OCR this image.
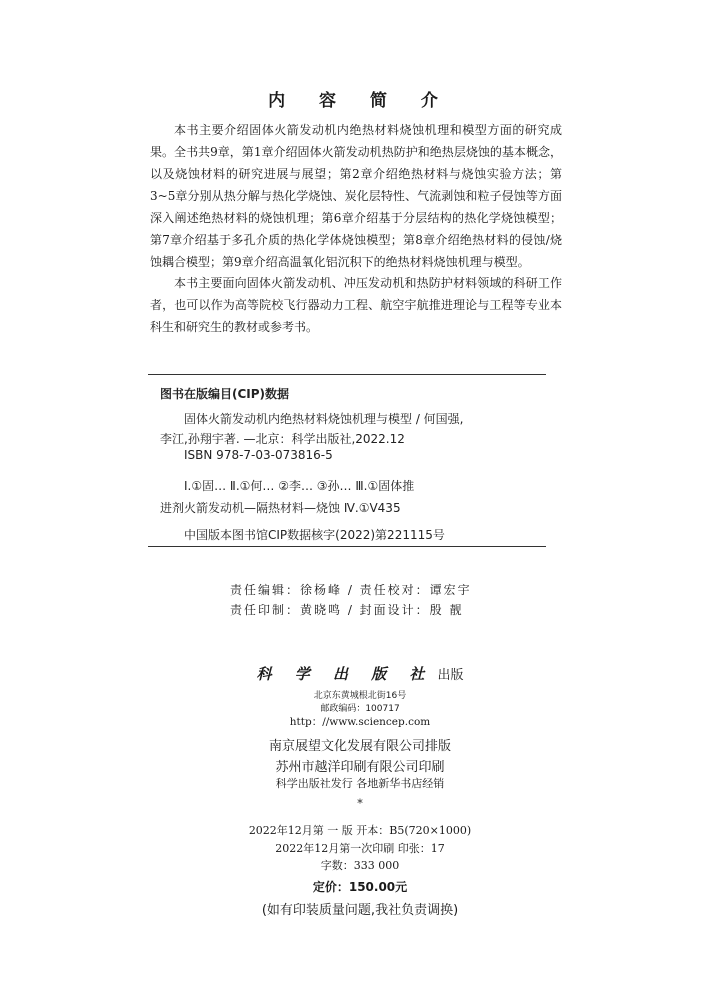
内 容 简 介

本书主要介绍固体火箭发动机内绝热材料烧蚀机理和模型方面的研究成果。全书共9章，第1章介绍固体火箭发动机热防护和绝热层烧蚀的基本概念，以及烧蚀材料的研究进展与展望；第2章介绍绝热材料与烧蚀实验方法；第3~5章分别从热分解与热化学烧蚀、炭化层特性、气流剥蚀和粒子侵蚀等方面深入阐述绝热材料的烧蚀机理；第6章介绍基于分层结构的热化学烧蚀模型；第7章介绍基于多孔介质的热化学体烧蚀模型；第8章介绍绝热材料的侵蚀/烧蚀耦合模型；第9章介绍高温氧化铝沉积下的绝热材料烧蚀机理与模型。

本书主要面向固体火箭发动机、冲压发动机和热防护材料领域的科研工作者，也可以作为高等院校飞行器动力工程、航空宇航推进理论与工程等专业本科生和研究生的教材或参考书。

图书在版编目(CIP)数据

固体火箭发动机内绝热材料烧蚀机理与模型 / 何国强,

李江,孙翔宇著. —北京：科学出版社,2022.12

ISBN 978-7-03-073816-5

Ⅰ.①固… Ⅱ.①何… ②李… ③孙… Ⅲ.①固体推

进剂火箭发动机—隔热材料—烧蚀 Ⅳ.①V435

中国版本图书馆CIP数据核字(2022)第221115号

责任编辑：徐杨峰 / 责任校对：谭宏宇

责任印制：黄晓鸣 / 封面设计：殷 靓

科 学 出 版 社 出版

北京东黄城根北街16号

邮政编码：100717

http：//www.sciencep.com

南京展望文化发展有限公司排版

苏州市越洋印刷有限公司印刷

科学出版社发行 各地新华书店经销

*

2022年12月第 一 版 开本：B5(720×1000)

2022年12月第一次印刷 印张：17

字数：333 000

定价：150.00元

(如有印装质量问题,我社负责调换)
